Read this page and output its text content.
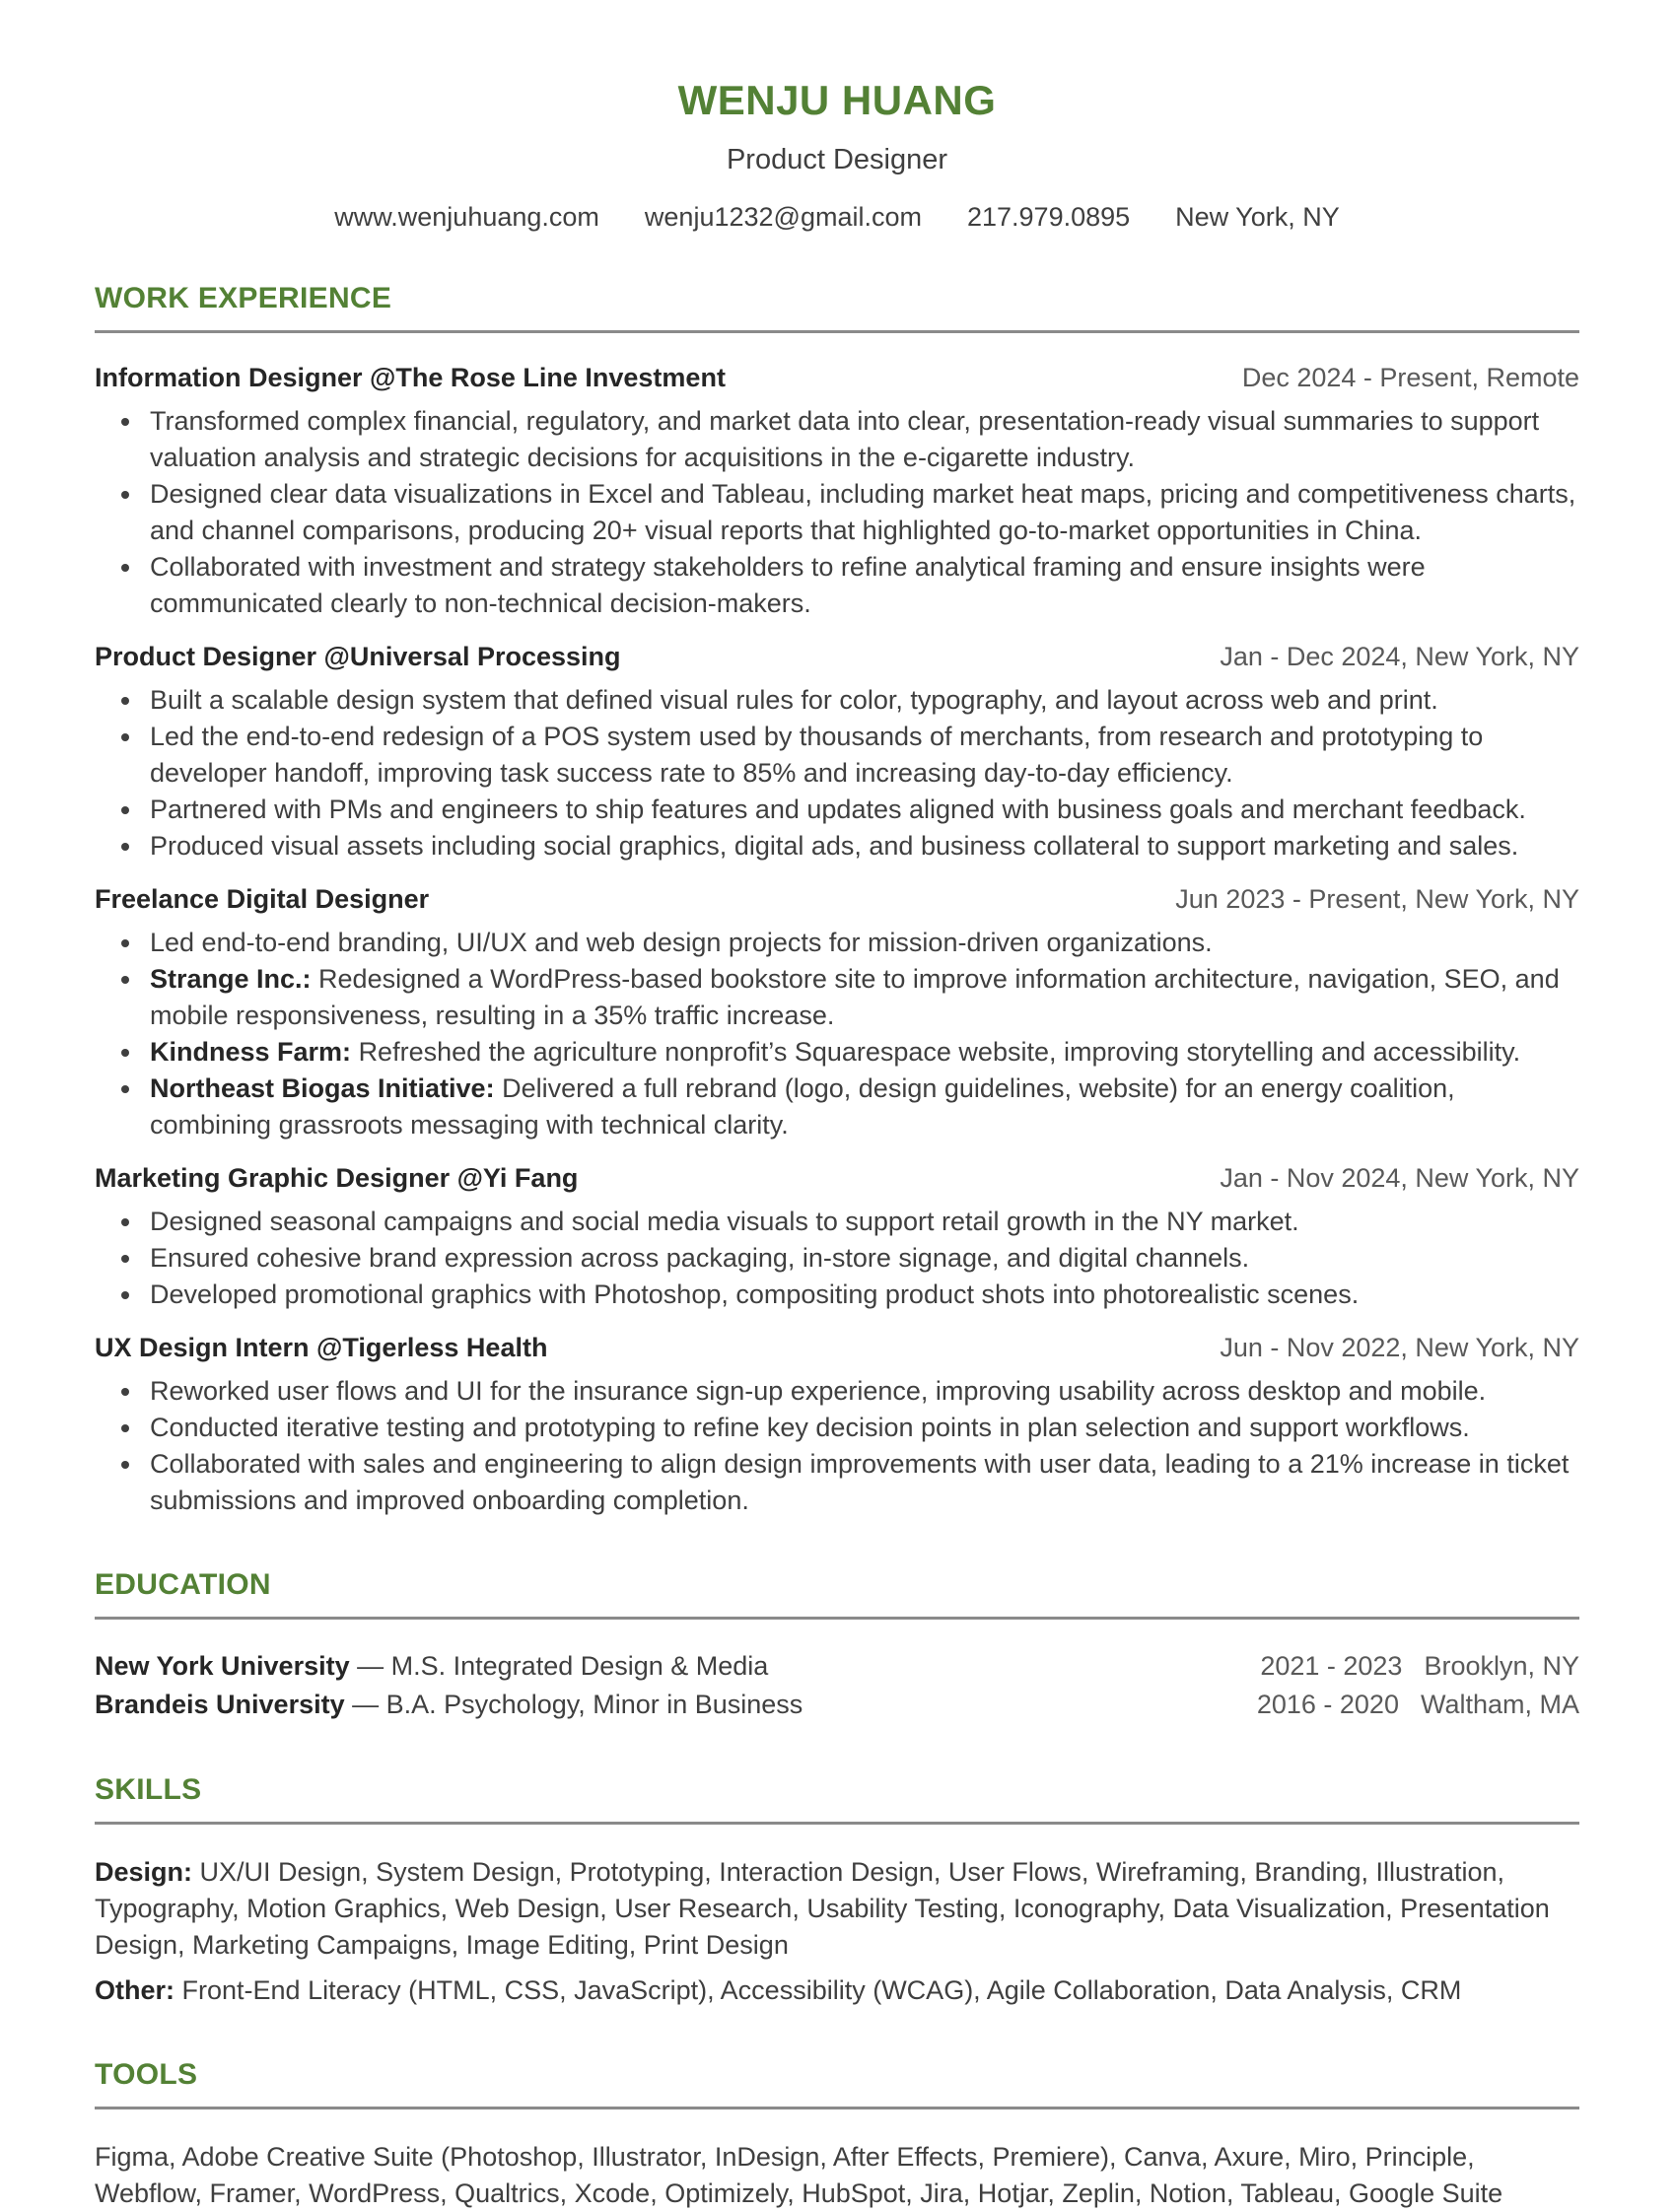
WENJU HUANG
Product Designer
www.wenjuhuang.com wenju1232@gmail.com 217.979.0895 New York, NY
WORK EXPERIENCE
Information Designer @The Rose Line Investment	Dec 2024 - Present, Remote
• Transformed complex financial, regulatory, and market data into clear, presentation-ready visual summaries to support valuation analysis and strategic decisions for acquisitions in the e-cigarette industry.
• Designed clear data visualizations in Excel and Tableau, including market heat maps, pricing and competitiveness charts, and channel comparisons, producing 20+ visual reports that highlighted go-to-market opportunities in China.
• Collaborated with investment and strategy stakeholders to refine analytical framing and ensure insights were communicated clearly to non-technical decision-makers.
Product Designer @Universal Processing	Jan - Dec 2024, New York, NY
• Built a scalable design system that defined visual rules for color, typography, and layout across web and print.
• Led the end-to-end redesign of a POS system used by thousands of merchants, from research and prototyping to developer handoff, improving task success rate to 85% and increasing day-to-day efficiency.
• Partnered with PMs and engineers to ship features and updates aligned with business goals and merchant feedback.
• Produced visual assets including social graphics, digital ads, and business collateral to support marketing and sales.
Freelance Digital Designer	Jun 2023 - Present, New York, NY
• Led end-to-end branding, UI/UX and web design projects for mission-driven organizations.
• Strange Inc.: Redesigned a WordPress-based bookstore site to improve information architecture, navigation, SEO, and mobile responsiveness, resulting in a 35% traffic increase.
• Kindness Farm: Refreshed the agriculture nonprofit’s Squarespace website, improving storytelling and accessibility.
• Northeast Biogas Initiative: Delivered a full rebrand (logo, design guidelines, website) for an energy coalition, combining grassroots messaging with technical clarity.
Marketing Graphic Designer @Yi Fang	Jan - Nov 2024, New York, NY
• Designed seasonal campaigns and social media visuals to support retail growth in the NY market.
• Ensured cohesive brand expression across packaging, in-store signage, and digital channels.
• Developed promotional graphics with Photoshop, compositing product shots into photorealistic scenes.
UX Design Intern @Tigerless Health	Jun - Nov 2022, New York, NY
• Reworked user flows and UI for the insurance sign-up experience, improving usability across desktop and mobile.
• Conducted iterative testing and prototyping to refine key decision points in plan selection and support workflows.
• Collaborated with sales and engineering to align design improvements with user data, leading to a 21% increase in ticket submissions and improved onboarding completion.
EDUCATION
New York University — M.S. Integrated Design & Media	2021 - 2023 Brooklyn, NY
Brandeis University — B.A. Psychology, Minor in Business	2016 - 2020 Waltham, MA
SKILLS

Design: UX/UI Design, System Design, Prototyping, Interaction Design, User Flows, Wireframing, Branding, Illustration, Typography, Motion Graphics, Web Design, User Research, Usability Testing, Iconography, Data Visualization, Presentation Design, Marketing Campaigns, Image Editing, Print Design

Other: Front-End Literacy (HTML, CSS, JavaScript), Accessibility (WCAG), Agile Collaboration, Data Analysis, CRM

TOOLS

Figma, Adobe Creative Suite (Photoshop, Illustrator, InDesign, After Effects, Premiere), Canva, Axure, Miro, Principle, Webflow, Framer, WordPress, Qualtrics, Xcode, Optimizely, HubSpot, Jira, Hotjar, Zeplin, Notion, Tableau, Google Suite
